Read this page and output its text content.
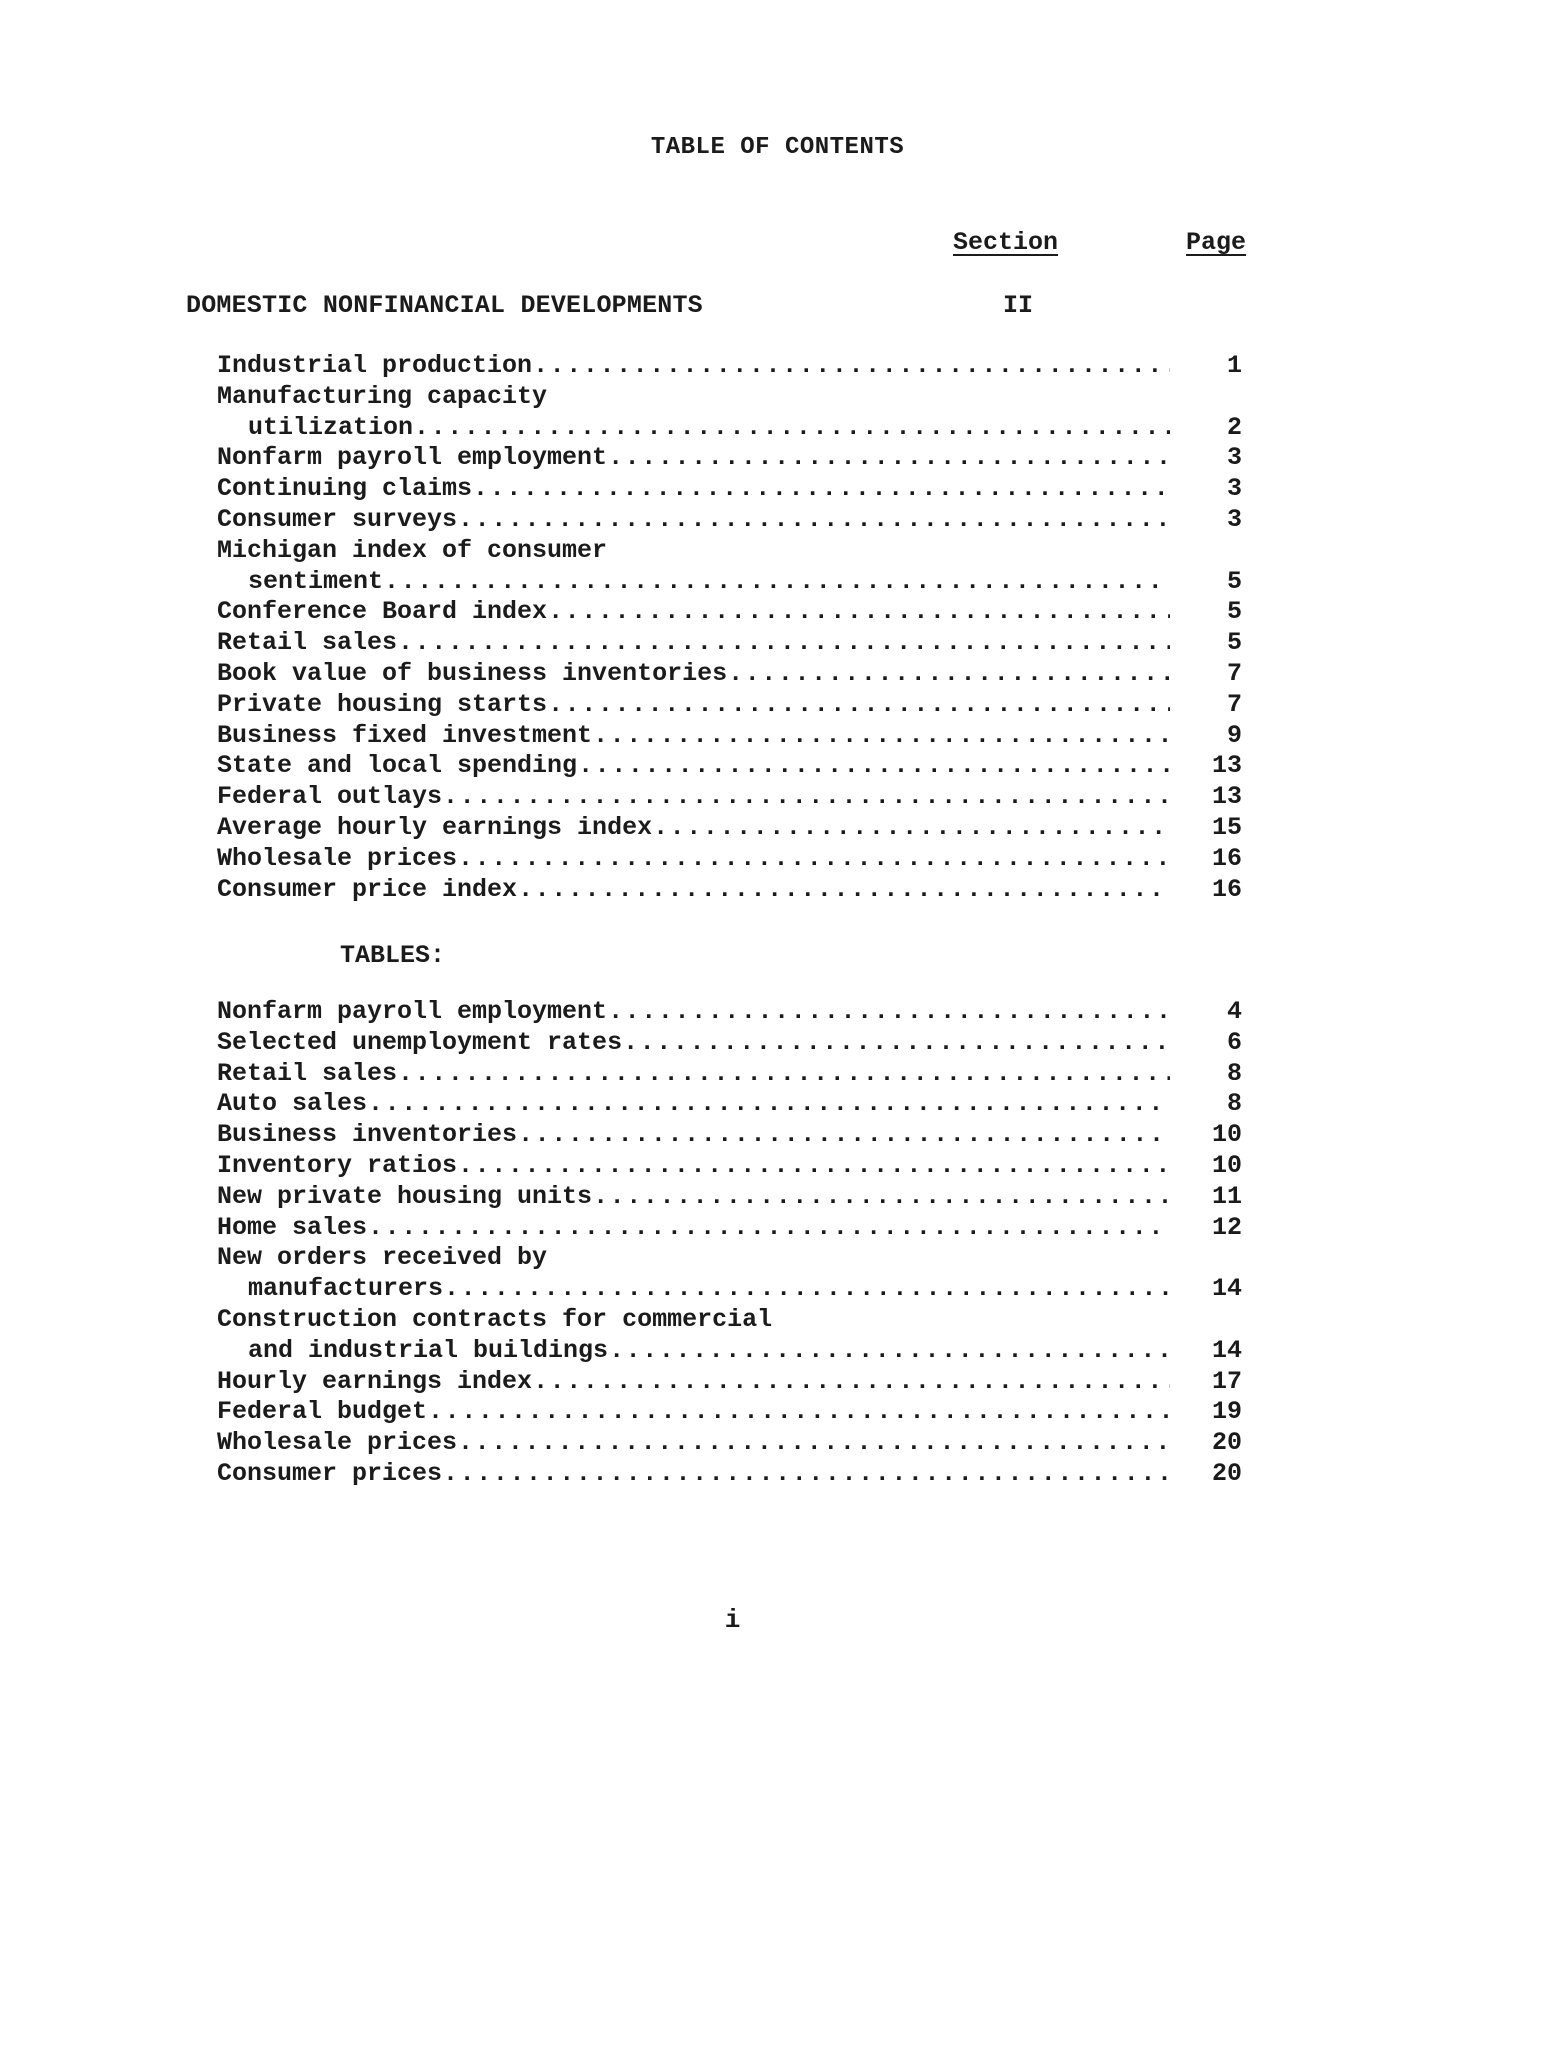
TABLE OF CONTENTS
Section	Page
DOMESTIC NONFINANCIAL DEVELOPMENTS	II
Industrial production .....	1
Manufacturing capacity
utilization .....	2
Nonfarm payroll employment .....	3
Continuing claims .....	3
Consumer surveys .....	3
Michigan index of consumer
sentiment .....	5
Conference Board index .....	5
Retail sales .....	5
Book value of business inventories .....	7
Private housing starts .....	7
Business fixed investment .....	9
State and local spending .....	13
Federal outlays .....	13
Average hourly earnings index .....	15
Wholesale prices .....	16
Consumer price index .....	16
TABLES:
Nonfarm payroll employment .....	4
Selected unemployment rates .....	6
Retail sales .....	8
Auto sales .....	8
Business inventories .....	10
Inventory ratios .....	10
New private housing units .....	11
Home sales .....	12
New orders received by
manufacturers .....	14
Construction contracts for commercial
and industrial buildings .....	14
Hourly earnings index .....	17
Federal budget .....	19
Wholesale prices .....	20
Consumer prices .....	20
i
